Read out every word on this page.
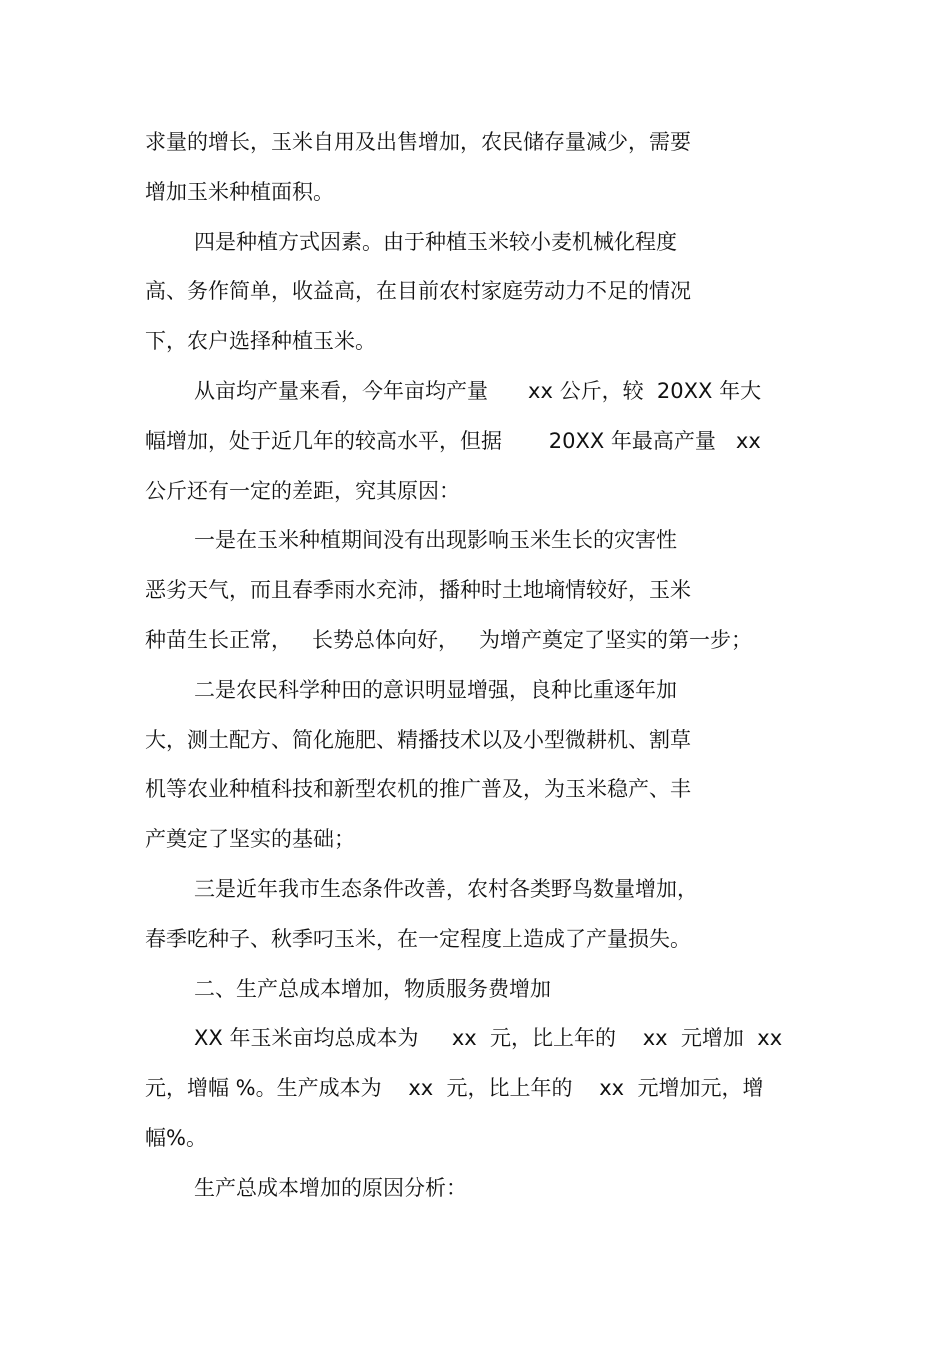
求量的增长，玉米自用及出售增加，农民储存量减少，需要
增加玉米种植面积。
四是种植方式因素。由于种植玉米较小麦机械化程度
高、务作简单，收益高，在目前农村家庭劳动力不足的情况
下，农户选择种植玉米。
从亩均产量来看，今年亩均产量      xx 公斤，较  20XX 年大
幅增加，处于近几年的较高水平，但据       20XX 年最高产量   xx
公斤还有一定的差距，究其原因：
一是在玉米种植期间没有出现影响玉米生长的灾害性
恶劣天气，而且春季雨水充沛，播种时土地墒情较好，玉米
种苗生长正常，   长势总体向好，   为增产奠定了坚实的第一步；
二是农民科学种田的意识明显增强，良种比重逐年加
大，测土配方、简化施肥、精播技术以及小型微耕机、割草
机等农业种植科技和新型农机的推广普及，为玉米稳产、丰
产奠定了坚实的基础；
三是近年我市生态条件改善，农村各类野鸟数量增加，
春季吃种子、秋季叼玉米，在一定程度上造成了产量损失。
二、生产总成本增加，物质服务费增加
XX 年玉米亩均总成本为     xx  元，比上年的    xx  元增加  xx
元，增幅 %。生产成本为    xx  元，比上年的    xx  元增加元，增
幅%。
生产总成本增加的原因分析：
